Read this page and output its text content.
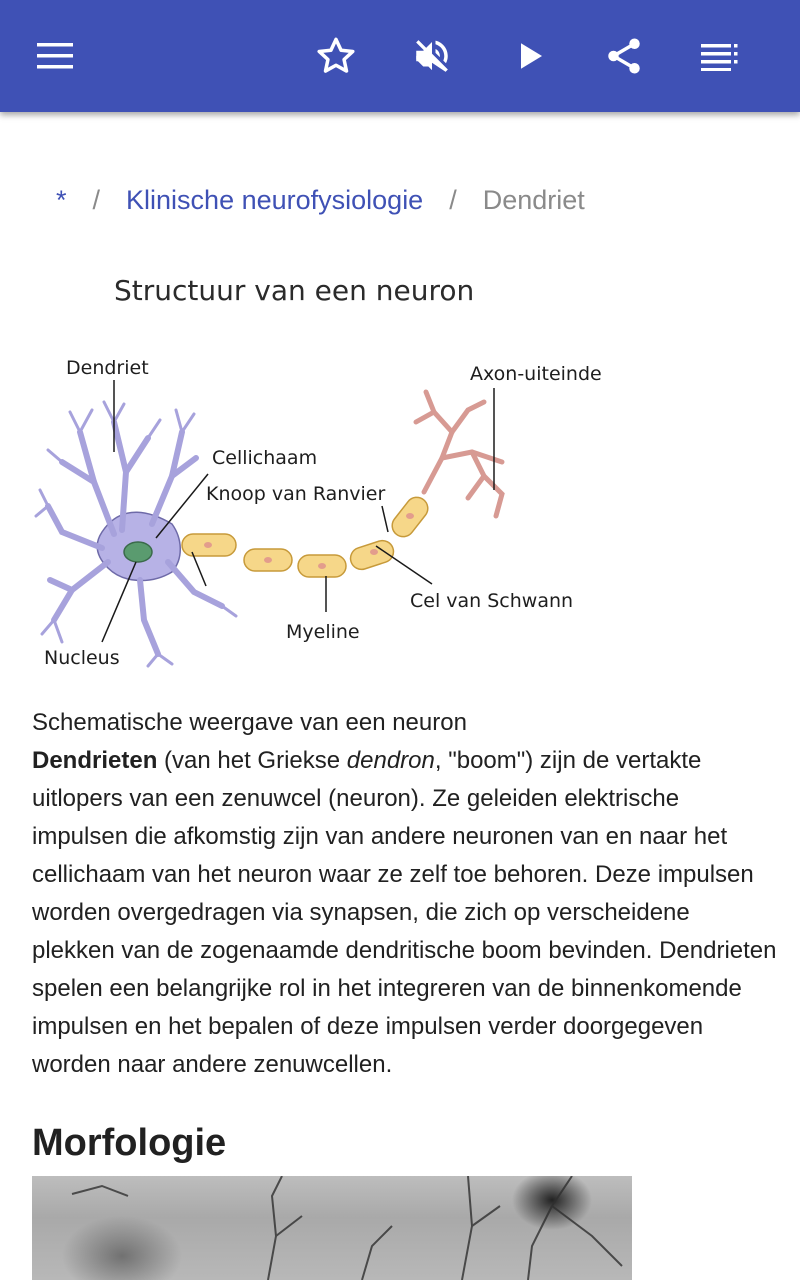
* / Klinische neurofysiologie / Dendriet
Structuur van een neuron
Dendriet	Axon-uiteinde
Cellichaam
Knoop van Ranvier
Cel van Schwann
Myeline
Nucleus

Schematische weergave van een neuron

Dendrieten (van het Griekse dendron, "boom") zijn de vertakte uitlopers van een zenuwcel (neuron). Ze geleiden elektrische impulsen die afkomstig zijn van andere neuronen van en naar het cellichaam van het neuron waar ze zelf toe behoren. Deze impulsen worden overgedragen via synapsen, die zich op verscheidene plekken van de zogenaamde dendritische boom bevinden. Dendrieten spelen een belangrijke rol in het integreren van de binnenkomende impulsen en het bepalen of deze impulsen verder doorgegeven worden naar andere zenuwcellen.

Morfologie
